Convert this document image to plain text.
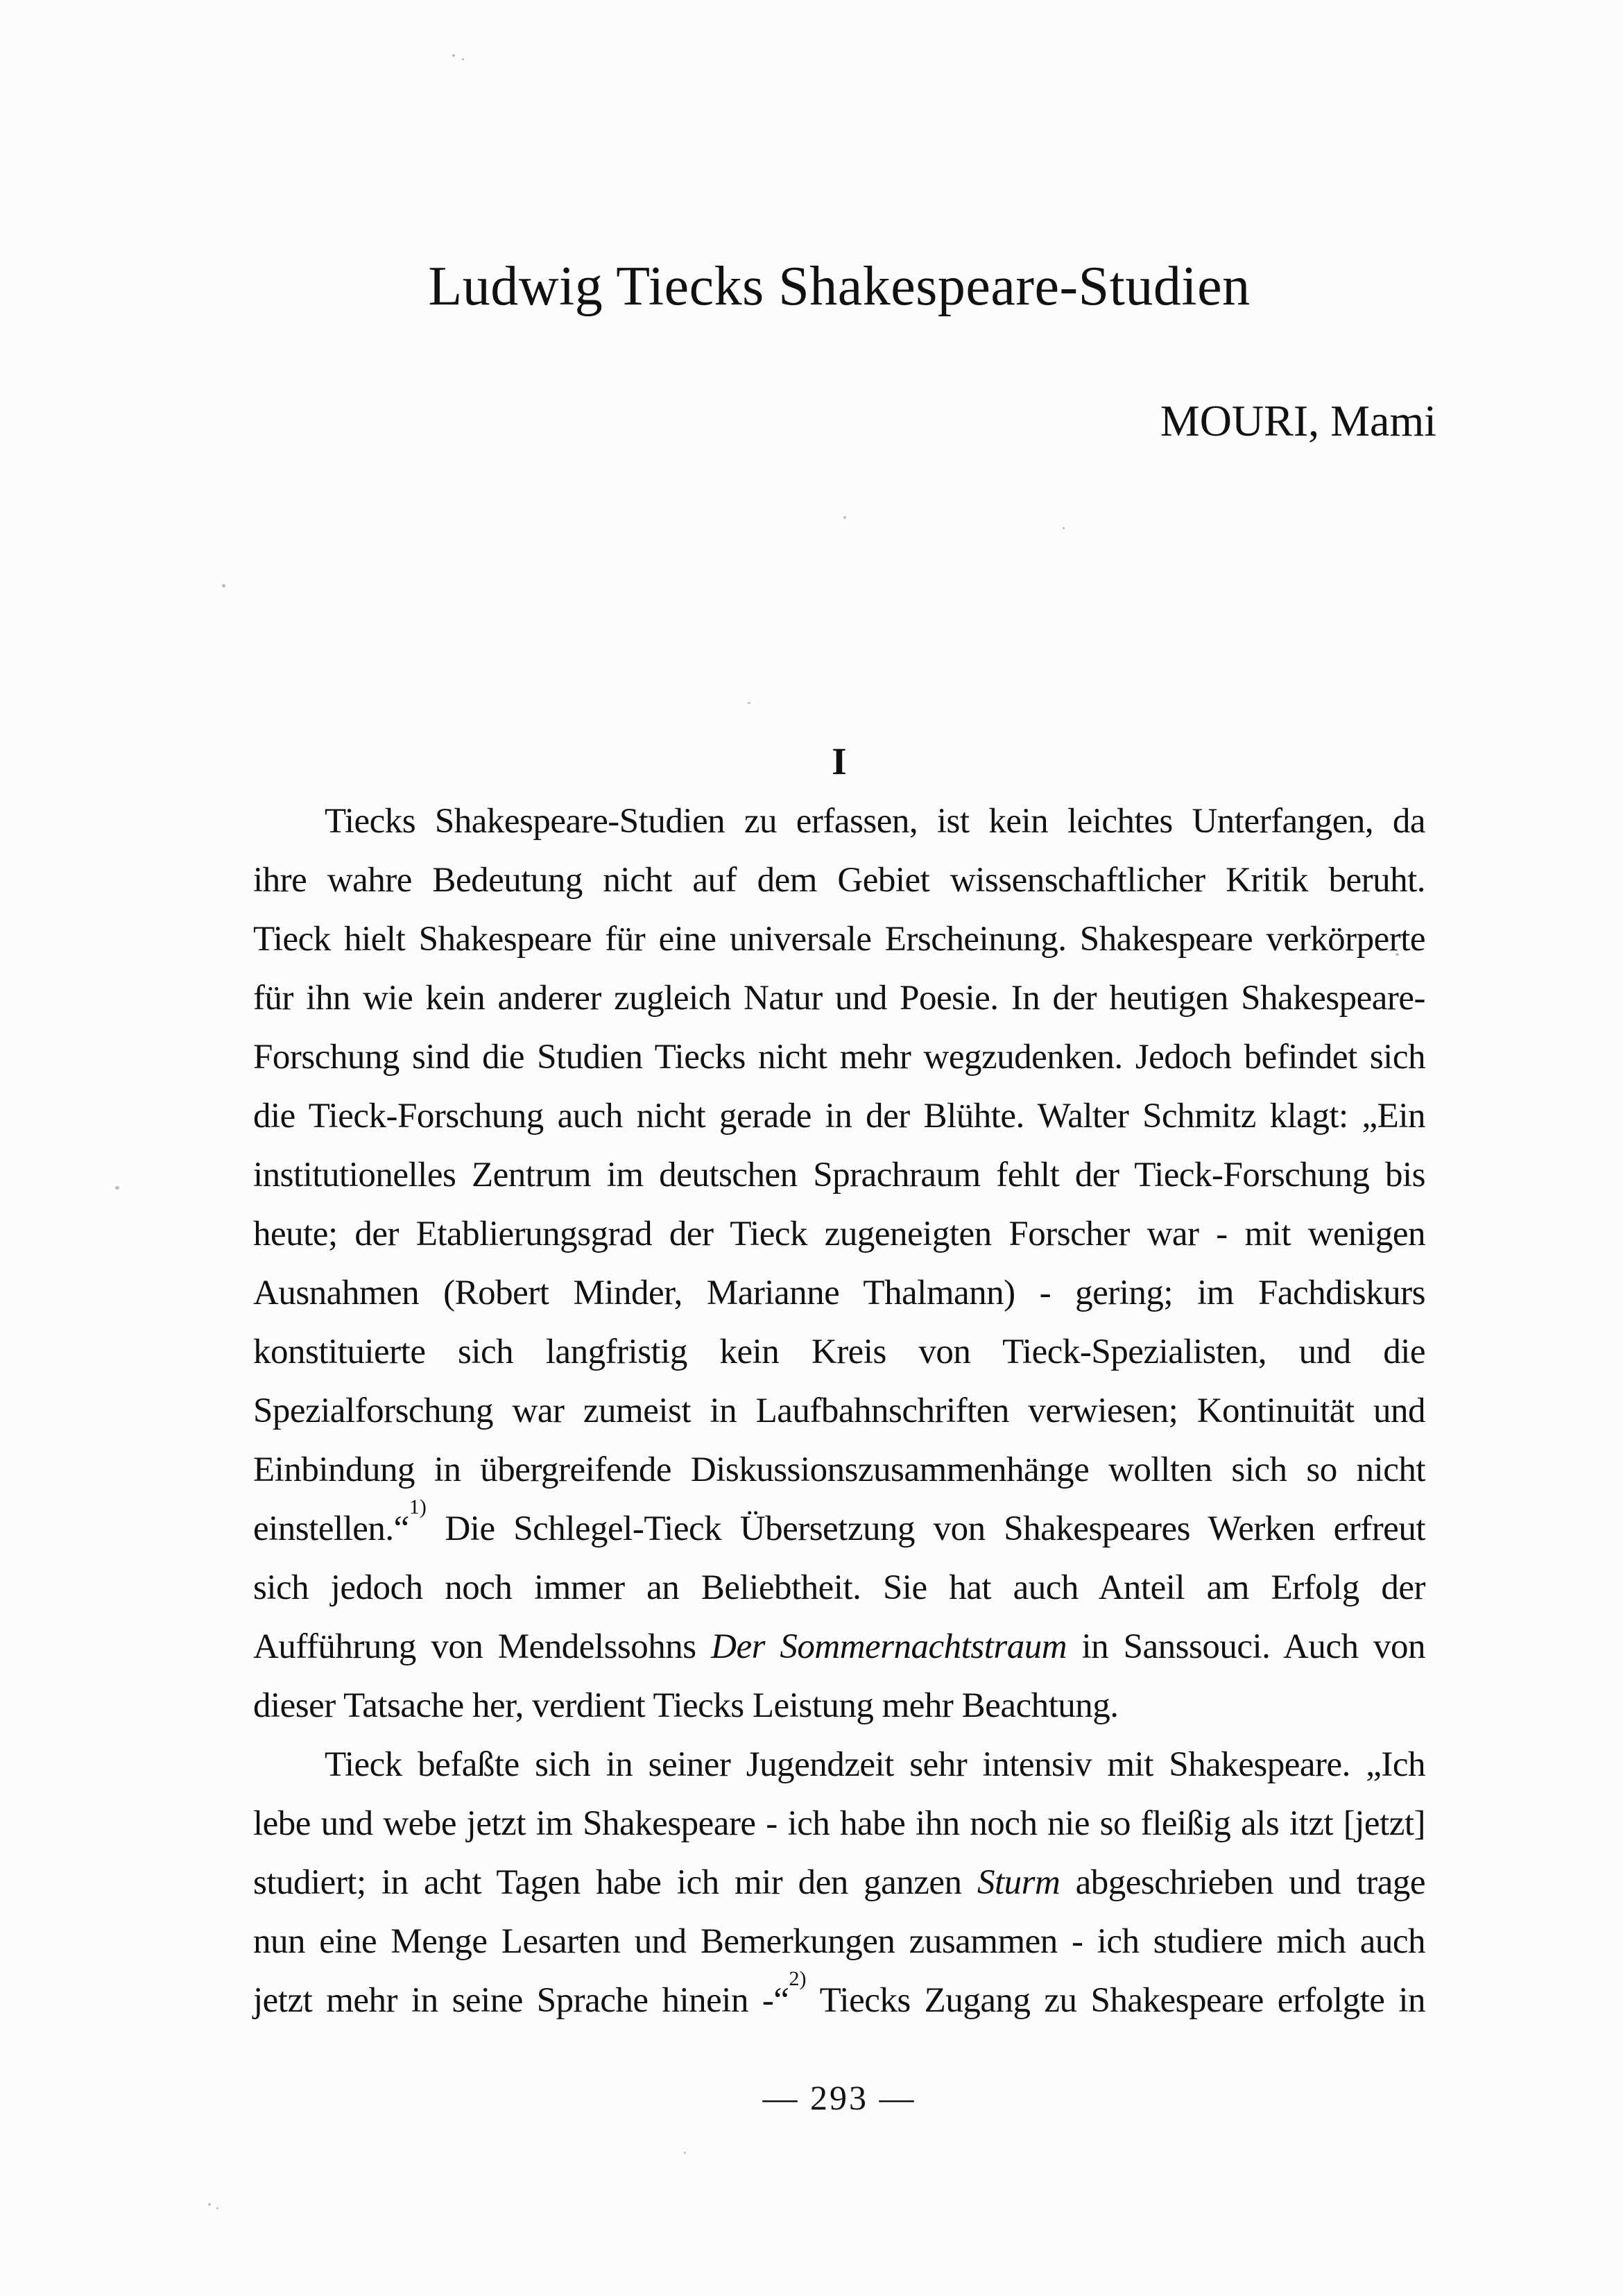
Ludwig Tiecks Shakespeare-Studien
MOURI, Mami
I
Tiecks Shakespeare-Studien zu erfassen, ist kein leichtes Unterfangen, da
ihre wahre Bedeutung nicht auf dem Gebiet wissenschaftlicher Kritik beruht.
Tieck hielt Shakespeare für eine universale Erscheinung. Shakespeare verkörperte
für ihn wie kein anderer zugleich Natur und Poesie. In der heutigen Shakespeare-
Forschung sind die Studien Tiecks nicht mehr wegzudenken. Jedoch befindet sich
die Tieck-Forschung auch nicht gerade in der Blühte. Walter Schmitz klagt: „Ein
institutionelles Zentrum im deutschen Sprachraum fehlt der Tieck-Forschung bis
heute; der Etablierungsgrad der Tieck zugeneigten Forscher war - mit wenigen
Ausnahmen (Robert Minder, Marianne Thalmann) - gering; im Fachdiskurs
konstituierte sich langfristig kein Kreis von Tieck-Spezialisten, und die
Spezialforschung war zumeist in Laufbahnschriften verwiesen; Kontinuität und
Einbindung in übergreifende Diskussionszusammenhänge wollten sich so nicht
einstellen.“$^{1)}$ Die Schlegel-Tieck Übersetzung von Shakespeares Werken erfreut
sich jedoch noch immer an Beliebtheit. Sie hat auch Anteil am Erfolg der
Aufführung von Mendelssohns Der Sommernachtstraum in Sanssouci. Auch von
dieser Tatsache her, verdient Tiecks Leistung mehr Beachtung.
Tieck befaßte sich in seiner Jugendzeit sehr intensiv mit Shakespeare. „Ich
lebe und webe jetzt im Shakespeare - ich habe ihn noch nie so fleißig als itzt [jetzt]
studiert; in acht Tagen habe ich mir den ganzen Sturm abgeschrieben und trage
nun eine Menge Lesarten und Bemerkungen zusammen - ich studiere mich auch
jetzt mehr in seine Sprache hinein -“$^{2)}$ Tiecks Zugang zu Shakespeare erfolgte in
— 293 —
